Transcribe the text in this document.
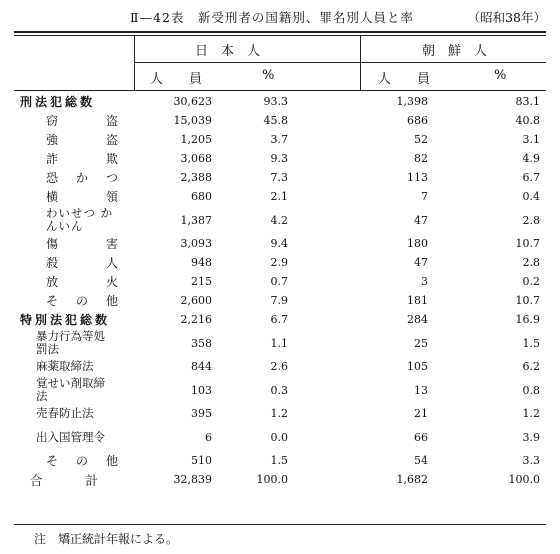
Ⅱ—42表　新受刑者の国籍別、罪名別人員と率	（昭和38年）
日　本　人	朝　鮮　人
人　　員	%	人　　員	%
刑法犯総数	30,623	93.3	1,398	83.1
窃盗	15,039	45.8	686	40.8
強盗	1,205	3.7	52	3.1
詐欺	3,068	9.3	82	4.9
恐かつ	2,388	7.3	113	6.7
横領	680	2.1	7	0.4
わいせつ かんいん	1,387	4.2	47	2.8
傷害	3,093	9.4	180	10.7
殺人	948	2.9	47	2.8
放火	215	0.7	3	0.2
その他	2,600	7.9	181	10.7
特別法犯総数	2,216	6.7	284	16.9
暴力行為等処罰法	358	1.1	25	1.5
麻薬取締法	844	2.6	105	6.2
覚せい剤取締法	103	0.3	13	0.8
売春防止法	395	1.2	21	1.2
出入国管理令	6	0.0	66	3.9
その他	510	1.5	54	3.3
合計	32,839	100.0	1,682	100.0
注　矯正統計年報による。
